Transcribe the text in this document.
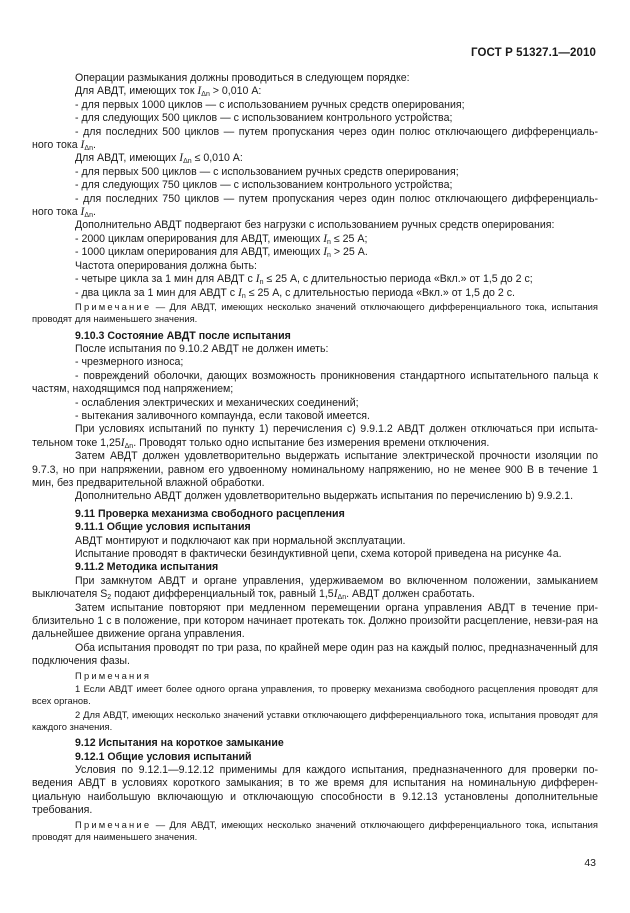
ГОСТ Р 51327.1—2010

Операции размыкания должны проводиться в следующем порядке:

Для АВДТ, имеющих ток $I_{\Delta n} > 0,010$ А:

- для первых 1000 циклов — с использованием ручных средств оперирования;

- для следующих 500 циклов — с использованием контрольного устройства;

- для последних 500 циклов — путем пропускания через один полюс отключающего дифференциаль-ного тока $I_{\Delta n}$.

Для АВДТ, имеющих $I_{\Delta n} \le 0,010$ А:

- для первых 500 циклов — с использованием ручных средств оперирования;

- для следующих 750 циклов — с использованием контрольного устройства;

- для последних 750 циклов — путем пропускания через один полюс отключающего дифференциаль-ного тока $I_{\Delta n}$.

Дополнительно АВДТ подвергают без нагрузки с использованием ручных средств оперирования:

- 2000 циклам оперирования для АВДТ, имеющих $I_n \le 25$ А;

- 1000 циклам оперирования для АВДТ, имеющих $I_n > 25$ А.

Частота оперирования должна быть:

- четыре цикла за 1 мин для АВДТ с $I_n \le 25$ А, с длительностью периода «Вкл.» от 1,5 до 2 с;

- два цикла за 1 мин для АВДТ с $I_n \le 25$ А, с длительностью периода «Вкл.» от 1,5 до 2 с.

Примечание — Для АВДТ, имеющих несколько значений отключающего дифференциального тока, испытания проводят для наименьшего значения.

9.10.3 Состояние АВДТ после испытания

После испытания по 9.10.2 АВДТ не должен иметь:

- чрезмерного износа;

- повреждений оболочки, дающих возможность проникновения стандартного испытательного пальца к частям, находящимся под напряжением;

- ослабления электрических и механических соединений;

- вытекания заливочного компаунда, если таковой имеется.

При условиях испытаний по пункту 1) перечисления с) 9.9.1.2 АВДТ должен отключаться при испыта-тельном токе $1,25I_{\Delta n}$. Проводят только одно испытание без измерения времени отключения.

Затем АВДТ должен удовлетворительно выдержать испытание электрической прочности изоляции по 9.7.3, но при напряжении, равном его удвоенному номинальному напряжению, но не менее 900 В в течение 1 мин, без предварительной влажной обработки.

Дополнительно АВДТ должен удовлетворительно выдержать испытания по перечислению b) 9.9.2.1.

9.11 Проверка механизма свободного расцепления

9.11.1 Общие условия испытания

АВДТ монтируют и подключают как при нормальной эксплуатации.

Испытание проводят в фактически безиндуктивной цепи, схема которой приведена на рисунке 4а.

9.11.2 Методика испытания

При замкнутом АВДТ и органе управления, удерживаемом во включенном положении, замыканием выключателя $S_2$ подают дифференциальный ток, равный $1,5I_{\Delta n}$. АВДТ должен сработать.

Затем испытание повторяют при медленном перемещении органа управления АВДТ в течение при-близительно 1 с в положение, при котором начинает протекать ток. Должно произойти расцепление, невзи-рая на дальнейшее движение органа управления.

Оба испытания проводят по три раза, по крайней мере один раз на каждый полюс, предназначенный для подключения фазы.

Примечания

1 Если АВДТ имеет более одного органа управления, то проверку механизма свободного расцепления проводят для всех органов.

2 Для АВДТ, имеющих несколько значений уставки отключающего дифференциального тока, испытания проводят для каждого значения.

9.12 Испытания на короткое замыкание

9.12.1 Общие условия испытаний

Условия по 9.12.1—9.12.12 применимы для каждого испытания, предназначенного для проверки по-ведения АВДТ в условиях короткого замыкания; в то же время для испытания на номинальную дифферен-циальную наибольшую включающую и отключающую способности в 9.12.13 установлены дополнительные требования.

Примечание — Для АВДТ, имеющих несколько значений отключающего дифференциального тока, испытания проводят для наименьшего значения.

43
